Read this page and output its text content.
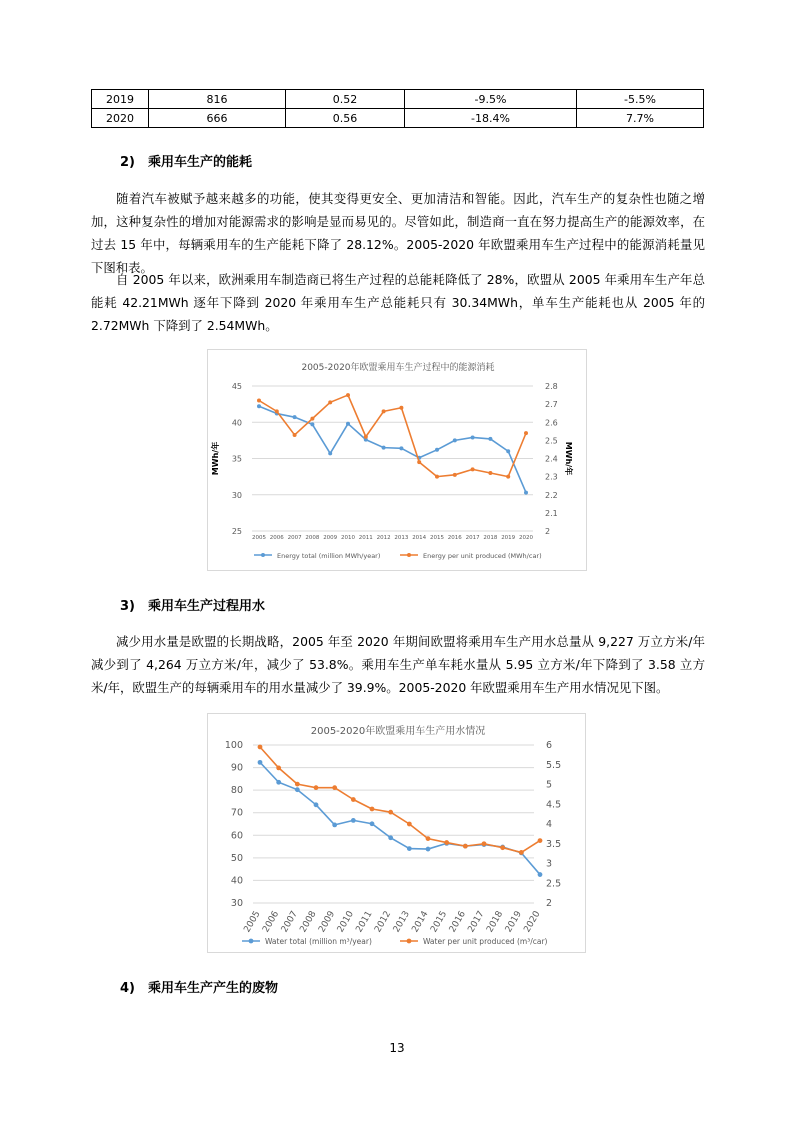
2019	816	0.52	-9.5%	-5.5%
2020	666	0.56	-18.4%	7.7%
2) 乘用车生产的能耗

随着汽车被赋予越来越多的功能，使其变得更安全、更加清洁和智能。因此，汽车生产的复杂性也随之增加，这种复杂性的增加对能源需求的影响是显而易见的。尽管如此，制造商一直在努力提高生产的能源效率，在过去 15 年中，每辆乘用车的生产能耗下降了 28.12%。2005-2020 年欧盟乘用车生产过程中的能源消耗量见下图和表。

自 2005 年以来，欧洲乘用车制造商已将生产过程的总能耗降低了 28%，欧盟从 2005 年乘用车生产年总能耗 42.21MWh 逐年下降到 2020 年乘用车生产总能耗只有 30.34MWh，单车生产能耗也从 2005 年的 2.72MWh 下降到了 2.54MWh。

2005-2020年欧盟乘用车生产过程中的能源消耗
25
30
35
40
45
2
2.1
2.2
2.3
2.4
2.5
2.6
2.7
2.8
2005 2006 2007 2008 2009 2010 2011 2012 2013 2014 2015 2016 2017 2018 2019 2020
MWh/年	MWh/年
Energy total (million MWh/year)	Energy per unit produced (MWh/car)
3) 乘用车生产过程用水

减少用水量是欧盟的长期战略，2005 年至 2020 年期间欧盟将乘用车生产用水总量从 9,227 万立方米/年减少到了 4,264 万立方米/年，减少了 53.8%。乘用车生产单车耗水量从 5.95 立方米/年下降到了 3.58 立方米/年，欧盟生产的每辆乘用车的用水量减少了 39.9%。2005-2020 年欧盟乘用车生产用水情况见下图。

2005-2020年欧盟乘用车生产用水情况
30
40
50
60
70
80
90
100
2
2.5
3
3.5
4
4.5
5
5.5
6
2005
2006
2007
2008
2009
2010
2011
2012
2013
2014
2015
2016
2017
2018
2019
2020
Water total (million m³/year)	Water per unit produced (m³/car)
4) 乘用车生产产生的废物
13
